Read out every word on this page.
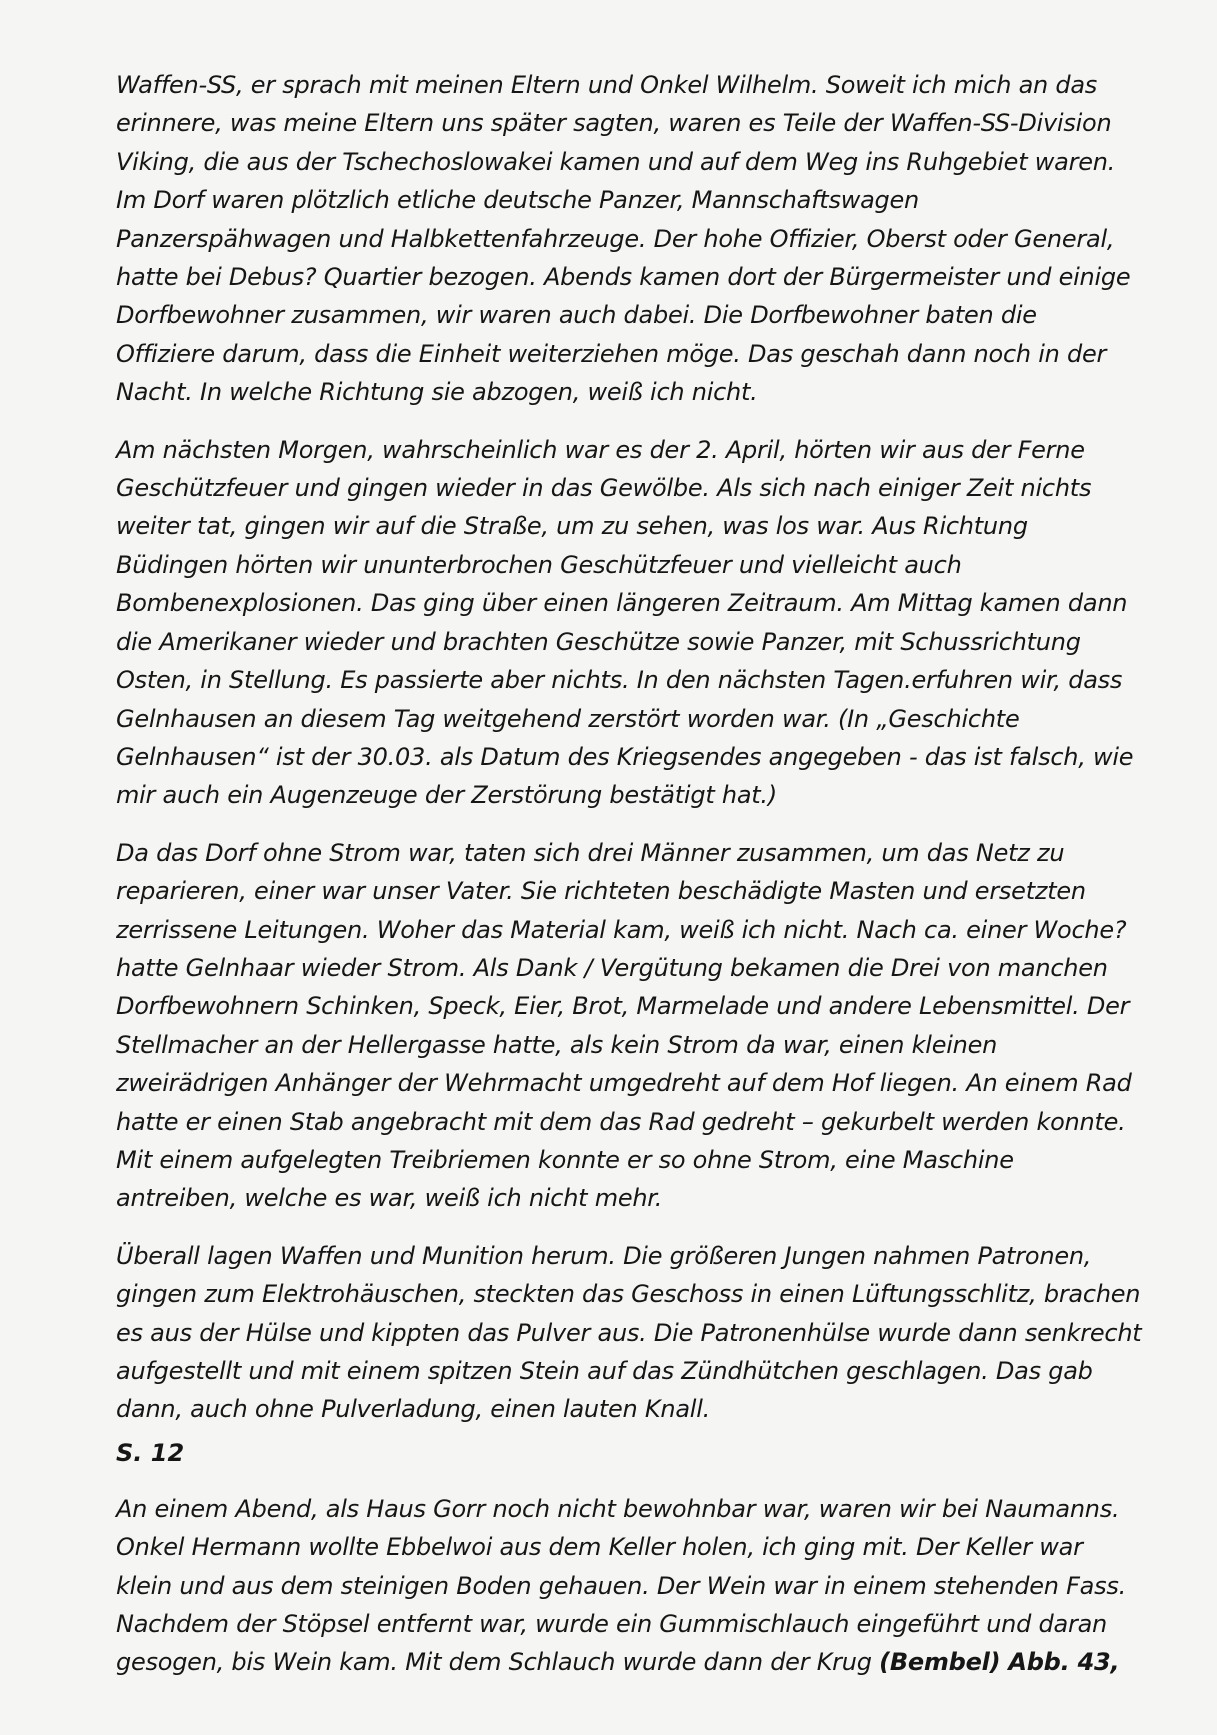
Waffen-SS, er sprach mit meinen Eltern und Onkel Wilhelm. Soweit ich mich an das
erinnere, was meine Eltern uns später sagten, waren es Teile der Waffen-SS-Division
Viking, die aus der Tschechoslowakei kamen und auf dem Weg ins Ruhgebiet waren.
Im Dorf waren plötzlich etliche deutsche Panzer, Mannschaftswagen
Panzerspähwagen und Halbkettenfahrzeuge. Der hohe Offizier, Oberst oder General,
hatte bei Debus? Quartier bezogen. Abends kamen dort der Bürgermeister und einige
Dorfbewohner zusammen, wir waren auch dabei. Die Dorfbewohner baten die
Offiziere darum, dass die Einheit weiterziehen möge. Das geschah dann noch in der
Nacht. In welche Richtung sie abzogen, weiß ich nicht.
Am nächsten Morgen, wahrscheinlich war es der 2. April, hörten wir aus der Ferne
Geschützfeuer und gingen wieder in das Gewölbe. Als sich nach einiger Zeit nichts
weiter tat, gingen wir auf die Straße, um zu sehen, was los war. Aus Richtung
Büdingen hörten wir ununterbrochen Geschützfeuer und vielleicht auch
Bombenexplosionen. Das ging über einen längeren Zeitraum. Am Mittag kamen dann
die Amerikaner wieder und brachten Geschütze sowie Panzer, mit Schussrichtung
Osten, in Stellung. Es passierte aber nichts. In den nächsten Tagen.erfuhren wir, dass
Gelnhausen an diesem Tag weitgehend zerstört worden war. (In „Geschichte
Gelnhausen“ ist der 30.03. als Datum des Kriegsendes angegeben - das ist falsch, wie
mir auch ein Augenzeuge der Zerstörung bestätigt hat.)
Da das Dorf ohne Strom war, taten sich drei Männer zusammen, um das Netz zu
reparieren, einer war unser Vater. Sie richteten beschädigte Masten und ersetzten
zerrissene Leitungen. Woher das Material kam, weiß ich nicht. Nach ca. einer Woche?
hatte Gelnhaar wieder Strom. Als Dank / Vergütung bekamen die Drei von manchen
Dorfbewohnern Schinken, Speck, Eier, Brot, Marmelade und andere Lebensmittel. Der
Stellmacher an der Hellergasse hatte, als kein Strom da war, einen kleinen
zweirädrigen Anhänger der Wehrmacht umgedreht auf dem Hof liegen. An einem Rad
hatte er einen Stab angebracht mit dem das Rad gedreht – gekurbelt werden konnte.
Mit einem aufgelegten Treibriemen konnte er so ohne Strom, eine Maschine
antreiben, welche es war, weiß ich nicht mehr.
Überall lagen Waffen und Munition herum. Die größeren Jungen nahmen Patronen,
gingen zum Elektrohäuschen, steckten das Geschoss in einen Lüftungsschlitz, brachen
es aus der Hülse und kippten das Pulver aus. Die Patronenhülse wurde dann senkrecht
aufgestellt und mit einem spitzen Stein auf das Zündhütchen geschlagen. Das gab
dann, auch ohne Pulverladung, einen lauten Knall.
S. 12
An einem Abend, als Haus Gorr noch nicht bewohnbar war, waren wir bei Naumanns.
Onkel Hermann wollte Ebbelwoi aus dem Keller holen, ich ging mit. Der Keller war
klein und aus dem steinigen Boden gehauen. Der Wein war in einem stehenden Fass.
Nachdem der Stöpsel entfernt war, wurde ein Gummischlauch eingeführt und daran
gesogen, bis Wein kam. Mit dem Schlauch wurde dann der Krug (Bembel) Abb. 43,
